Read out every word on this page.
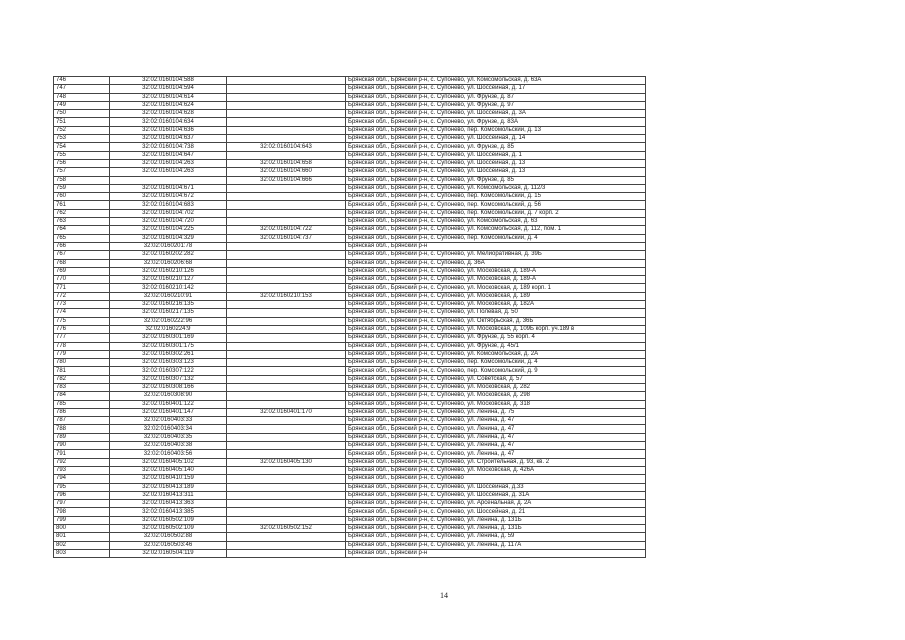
746	32:02:0160104:588		Брянская обл., Брянский р-н, с. Супонево, ул. Комсомольская, д. 63А
747	32:02:0160104:594		Брянская обл., Брянский р-н, с. Супонево, ул. Шоссейная, д. 17
748	32:02:0160104:614		Брянская обл., Брянский р-н, с. Супонево, ул. Фрунзе, д. 87
749	32:02:0160104:624		Брянская обл., Брянский р-н, с. Супонево, ул. Фрунзе, д. 97
750	32:02:0160104:628		Брянская обл., Брянский р-н, с. Супонево, ул. Шоссейная, д. 3А
751	32:02:0160104:634		Брянская обл., Брянский р-н, с. Супонево, ул. Фрунзе, д. 83А
752	32:02:0160104:636		Брянская обл., Брянский р-н, с. Супонево, пер. Комсомольский, д. 13
753	32:02:0160104:637		Брянская обл., Брянский р-н, с. Супонево, ул. Шоссейная, д. 14
754	32:02:0160104:738	32:02:0160104:643	Брянская обл., Брянский р-н, с. Супонево, ул. Фрунзе, д. 85
755	32:02:0160104:647		Брянская обл., Брянский р-н, с. Супонево, ул. Шоссейная, д. 1
756	32:02:0160104:263	32:02:0160104:658	Брянская обл., Брянский р-н, с. Супонево, ул. Шоссейная, д. 13
757	32:02:0160104:263	32:02:0160104:660	Брянская обл., Брянский р-н, с. Супонево, ул. Шоссейная, д. 13
758		32:02:0160104:666	Брянская обл., Брянский р-н, с. Супонево, ул. Фрунзе, д. 85
759	32:02:0160104:671		Брянская обл., Брянский р-н, с. Супонево, ул. Комсомольская, д. 112/3
760	32:02:0160104:672		Брянская обл., Брянский р-н, с. Супонево, пер. Комсомольский, д. 15
761	32:02:0160104:683		Брянская обл., Брянский р-н, с. Супонево, пер. Комсомольский, д. 56
762	32:02:0160104:702		Брянская обл., Брянский р-н, с. Супонево, пер. Комсомольский, д. 7 корп. 2
763	32:02:0160104:720		Брянская обл., Брянский р-н, с. Супонево, ул. Комсомольская, д. 63
764	32:02:0160104:225	32:02:0160104:722	Брянская обл., Брянский р-н, с. Супонево, ул. Комсомольская, д. 112, пом. 1
765	32:02:0160104:329	32:02:0160104:737	Брянская обл., Брянский р-н, с. Супонево, пер. Комсомольский, д. 4
766	32:02:0160201:78		Брянская обл., Брянский р-н
767	32:02:0160202:282		Брянская обл., Брянский р-н, с. Супонево, ул. Мелиоративная, д. 39Б
768	32:02:0160206:68		Брянская обл., Брянский р-н, с. Супонево, д. 36А
769	32:02:0160210:126		Брянская обл., Брянский р-н, с. Супонево, ул. Московская, д. 189-А
770	32:02:0160210:127		Брянская обл., Брянский р-н, с. Супонево, ул. Московская, д. 189-А
771	32:02:0160210:142		Брянская обл., Брянский р-н, с. Супонево, ул. Московская, д. 189 корп. 1
772	32:02:0160210:91	32:02:0160210:153	Брянская обл., Брянский р-н, с. Супонево, ул. Московская, д. 189
773	32:02:0160216:135		Брянская обл., Брянский р-н, с. Супонево, ул. Московская, д. 182А
774	32:02:0160217:135		Брянская обл., Брянский р-н, с. Супонево, ул. Полевая, д. 50
775	32:02:0160222:96		Брянская обл., Брянский р-н, с. Супонево, ул. Октябрьская, д. 36Б
776	32:02:0160224:9		Брянская обл., Брянский р-н, с. Супонево, ул. Московская, д. 109Б корп. уч.189 в
777	32:02:0160301:169		Брянская обл., Брянский р-н, с. Супонево, ул. Фрунзе, д. 55 корп. 4
778	32:02:0160301:175		Брянская обл., Брянский р-н, с. Супонево, ул. Фрунзе, д. 45/1
779	32:02:0160302:261		Брянская обл., Брянский р-н, с. Супонево, ул. Комсомольская, д. 2А
780	32:02:0160303:123		Брянская обл., Брянский р-н, с. Супонево, пер. Комсомольский, д. 4
781	32:02:0160307:122		Брянская обл., Брянский р-н, с. Супонево, пер. Комсомольский, д. 9
782	32:02:0160307:132		Брянская обл., Брянский р-н, с. Супонево, ул. Советская, д. 57
783	32:02:0160308:166		Брянская обл., Брянский р-н, с. Супонево, ул. Московская, д. 282
784	32:02:0160308:90		Брянская обл., Брянский р-н, с. Супонево, ул. Московская, д. 298
785	32:02:0160401:122		Брянская обл., Брянский р-н, с. Супонево, ул. Московская, д. 318
786	32:02:0160401:147	32:02:0160401:170	Брянская обл., Брянский р-н, с. Супонево, ул. Ленина, д. 75
787	32:02:0160403:33		Брянская обл., Брянский р-н, с. Супонево, ул. Ленина, д. 47
788	32:02:0160403:34		Брянская обл., Брянский р-н, с. Супонево, ул. Ленина, д. 47
789	32:02:0160403:35		Брянская обл., Брянский р-н, с. Супонево, ул. Ленина, д. 47
790	32:02:0160403:38		Брянская обл., Брянский р-н, с. Супонево, ул. Ленина, д. 47
791	32:02:0160403:56		Брянская обл., Брянский р-н, с. Супонево, ул. Ленина, д. 47
792	32:02:0160405:102	32:02:0160405:130	Брянская обл., Брянский р-н, с. Супонево, ул. Строительная, д. 93, кв. 2
793	32:02:0160405:140		Брянская обл., Брянский р-н, с. Супонево, ул. Московская, д. 426А
794	32:02:0160410:159		Брянская обл., Брянский р-н, с. Супонево
795	32:02:0160413:189		Брянская обл., Брянский р-н, с. Супонево, ул. Шоссейная, д.33
796	32:02:0160413:311		Брянская обл., Брянский р-н, с. Супонево, ул. Шоссейная, д. 31А
797	32:02:0160413:363		Брянская обл., Брянский р-н, с. Супонево, ул. Арсенальная, д. 2А
798	32:02:0160413:385		Брянская обл., Брянский р-н, с. Супонево, ул. Шоссейная, д. 21
799	32:02:0160502:109		Брянская обл., Брянский р-н, с. Супонево, ул. Ленина, д. 131Б
800	32:02:0160502:109	32:02:0160502:152	Брянская обл., Брянский р-н, с. Супонево, ул. Ленина, д. 131Б
801	32:02:0160502:88		Брянская обл., Брянский р-н, с. Супонево, ул. Ленина, д. 59
802	32:02:0160503:46		Брянская обл., Брянский р-н, с. Супонево, ул. Ленина, д. 117А
803	32:02:0160504:119		Брянская обл., Брянский р-н
14
